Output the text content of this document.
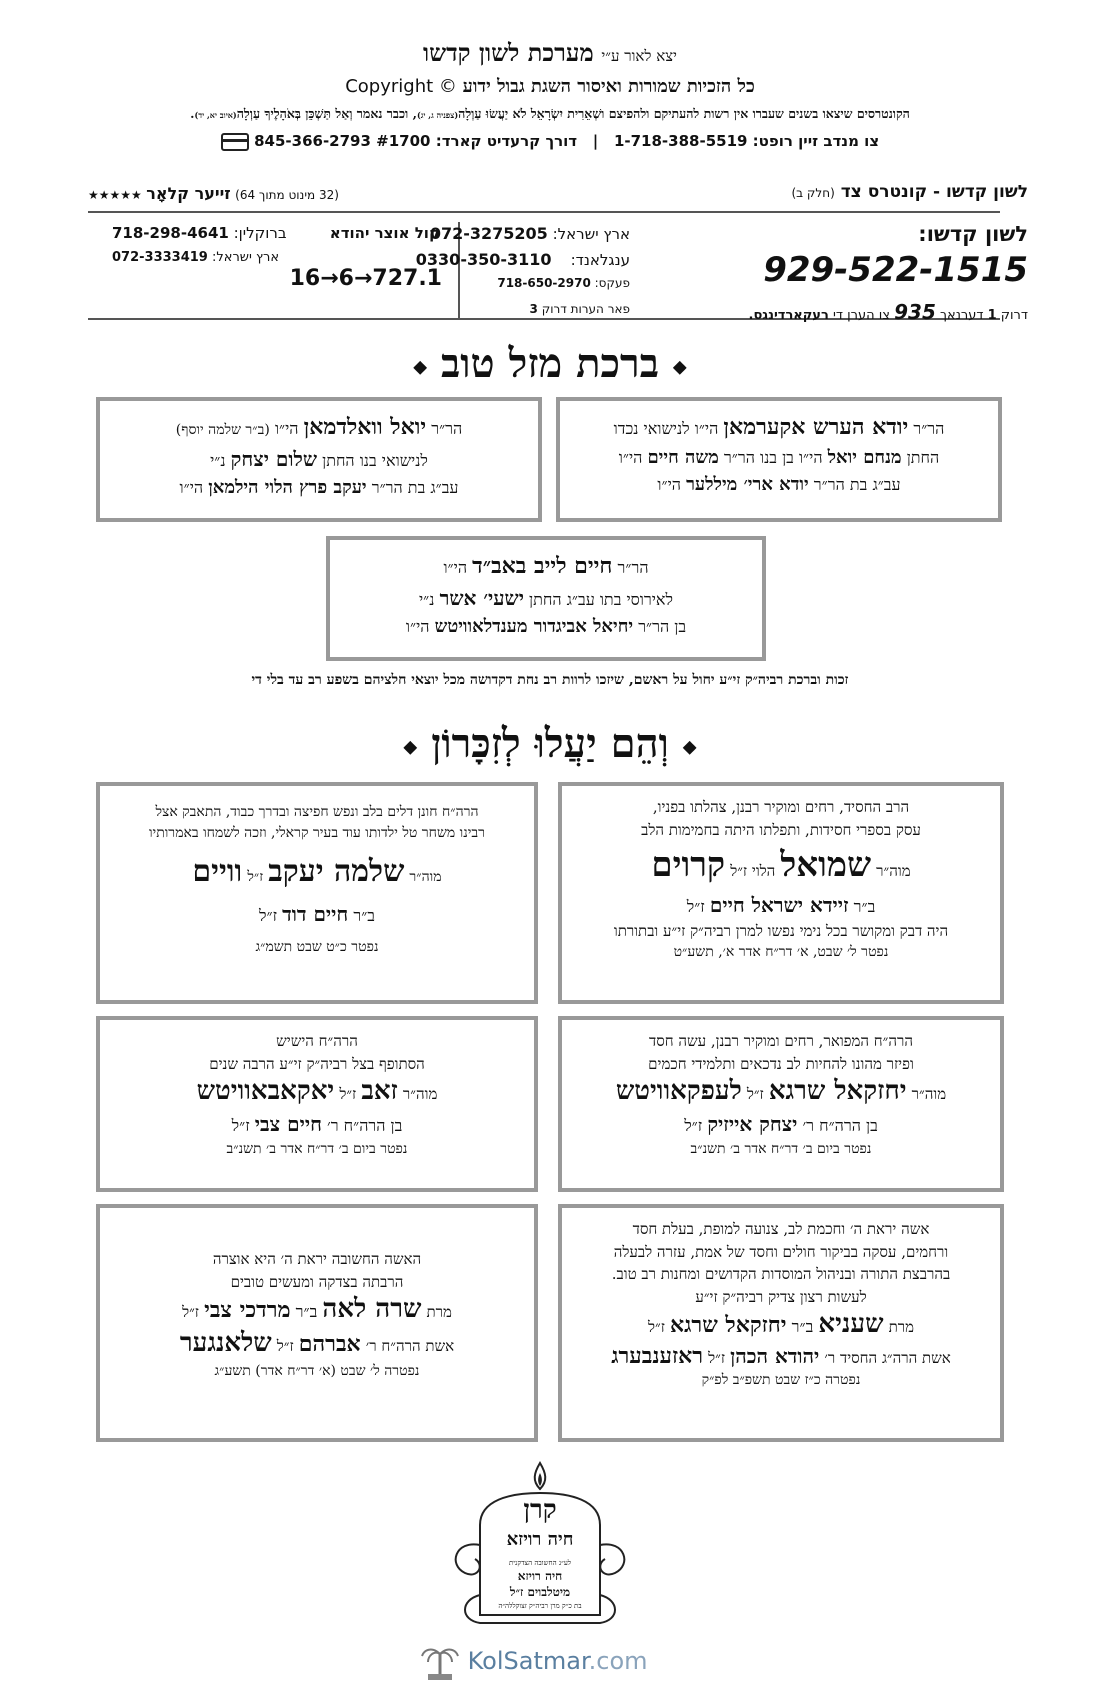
יצא לאור ע״י מערכת לשון קדשו
כל הזכיות שמורות ואיסור השגת גבול ידוע Copyright ©
הקונטרסים שיצאו בשנים שעברו אין רשות להעתיקם ולהפיצם ושְׁאֵרִית יִשְׂרָאֵל לֹא יַעֲשׂוּ עַוְלָה(צפניה ג, יג), וכבר נאמר וְאַל תַּשְׁכֵּן בְּאֹהָלֶיךָ עַוְלָה(איוב יא, יד).
צו מנדב זיין רופט: 1-718-388-5519   |   דורך קרעדיט קארד: 845-366-2793 #1700
לשון קדשו - קונטרס צד (חלק ב)
(32 מינוט מתוך 64) זייער קלאָר ★★★★★
לשון קדשו:
929-522-1515
דרוק 1 דערנאך 935 צו הערן די רעקארדינגס.
ארץ ישראל: 072-3275205
ענגלאנד:    0330-350-3110
פעקס: 718-650-2970
פאר הערות דרוק 3
קול אוצר יהודא
16→6→727.1
ברוקלין: 718-298-4641
ארץ ישראל: 072-3333419
◆ ברכת מזל טוב ◆

הר״ר יודא הערש אקערמאן הי״ו לנישואי נכדו

החתן מנחם יואל הי״ו בן בנו הר״ר משה חיים הי״ו

עב״ג בת הר״ר יודא ארי׳ מיללער הי״ו

הר״ר יואל וואלדמאן הי״ו (ב״ר שלמה יוסף)

לנישואי בנו החתן שלום יצחק נ״י

עב״ג בת הר״ר יעקב פרץ הלוי הילמאן הי״ו

הר״ר חיים לייב באב״ד הי״ו

לאירוסי בתו עב״ג החתן ישעי׳ אשר נ״י

בן הר״ר יחיאל אביגדור מענדלאוויטש הי״ו

זכות וברכת רביה״ק זי״ע יחול על ראשם, שיזכו לרוות רב נחת דקדושה מכל יוצאי חלציהם בשפע רב עד בלי די
◆ וְהֵם יַעֲלוּ לְזִכָּרוֹן ◆

הרב החסיד, רחים ומוקיר רבנן, צהלתו בפניו,

עסק בספרי חסידות, ותפלתו היתה בחמימות הלב

מוה״ר שמואל הלוי ז״ל קרוים

ב״ר זיידא ישראל חיים ז״ל

היה דבק ומקושר בכל נימי נפשו למרן רביה״ק זי״ע ובתורתו

נפטר ל׳ שבט, א׳ דר״ח אדר א׳, תשע״ט

הרה״ח חונן דלים בלב ונפש חפיצה ובדרך כבוד, התאבק אצל

רבינו משחר טל ילדותו עוד בעיר קראלי, וזכה לשמחו באמרותיו

מוה״ר שלמה יעקב ז״ל וויים

ב״ר חיים דוד ז״ל

נפטר כ״ט שבט תשמ״ג

הרה״ח המפואר, רחים ומוקיר רבנן, עשה חסד

ופיזר מהונו להחיות לב נדכאים ותלמידי חכמים

מוה״ר יחזקאל שרגא ז״ל לעפקאוויטש

בן הרה״ח ר׳ יצחק אייזיק ז״ל

נפטר ביום ב׳ דר״ח אדר ב׳ תשנ״ב

הרה״ח הישיש

הסתופף בצל רביה״ק זי״ע הרבה שנים

מוה״ר זאב ז״ל יאקאבאוויטש

בן הרה״ח ר׳ חיים צבי ז״ל

נפטר ביום ב׳ דר״ח אדר ב׳ תשנ״ב

אשה יראת ה׳ וחכמת לב, צנועה למופת, בעלת חסד

ורחמים, עסקה בביקור חולים וחסד של אמת, עזרה לבעלה

בהרבצת התורה ובניהול המוסדות הקדושים ומחנות רב טוב.

לעשות רצון צדיק רביה״ק זי״ע

מרת שעניא ב״ר יחזקאל שרגא ז״ל

אשת הרה״ג החסיד ר׳ יהודא הכהן ז״ל ראזענבערג

נפטרה כ״ז שבט תשפ״ב לפ״ק

האשה החשובה יראת ה׳ היא אוצרה

הרבתה בצדקה ומעשים טובים

מרת שרה לאה ב״ר מרדכי צבי ז״ל

אשת הרה״ח ר׳ אברהם ז״ל שלאנגער

נפטרה ל׳ שבט (א׳ דר״ח אדר) תשע״ג

קרן
חיה רויזא
לע״נ החשובה הצדקנית
חיה רויזא
מיטלבוים ז״ל
בת כ״ק מרן רביה״ק זצוקללה״ה
KolSatmar.com
